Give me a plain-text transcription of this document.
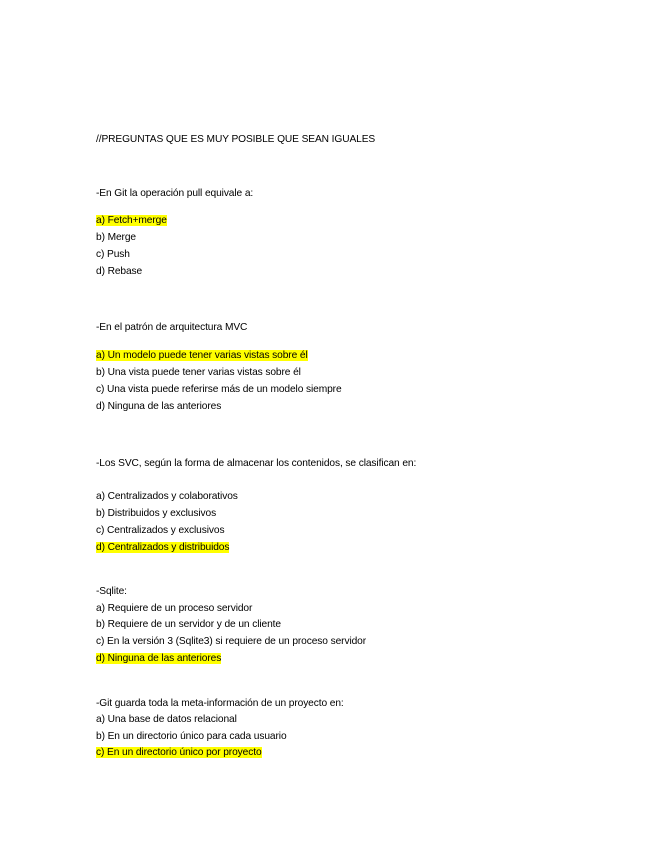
//PREGUNTAS QUE ES MUY POSIBLE QUE SEAN IGUALES
-En Git la operación pull equivale a:
a) Fetch+merge
b) Merge
c) Push
d) Rebase
-En el patrón de arquitectura MVC
a) Un modelo puede tener varias vistas sobre él
b) Una vista puede tener varias vistas sobre él
c) Una vista puede referirse más de un modelo siempre
d) Ninguna de las anteriores
-Los SVC, según la forma de almacenar los contenidos, se clasifican en:
a) Centralizados y colaborativos
b) Distribuidos y exclusivos
c) Centralizados y exclusivos
d) Centralizados y distribuidos
-Sqlite:
a) Requiere de un proceso servidor
b) Requiere de un servidor y de un cliente
c) En la versión 3 (Sqlite3) si requiere de un proceso servidor
d) Ninguna de las anteriores
-Git guarda toda la meta-información de un proyecto en:
a) Una base de datos relacional
b) En un directorio único para cada usuario
c) En un directorio único por proyecto
